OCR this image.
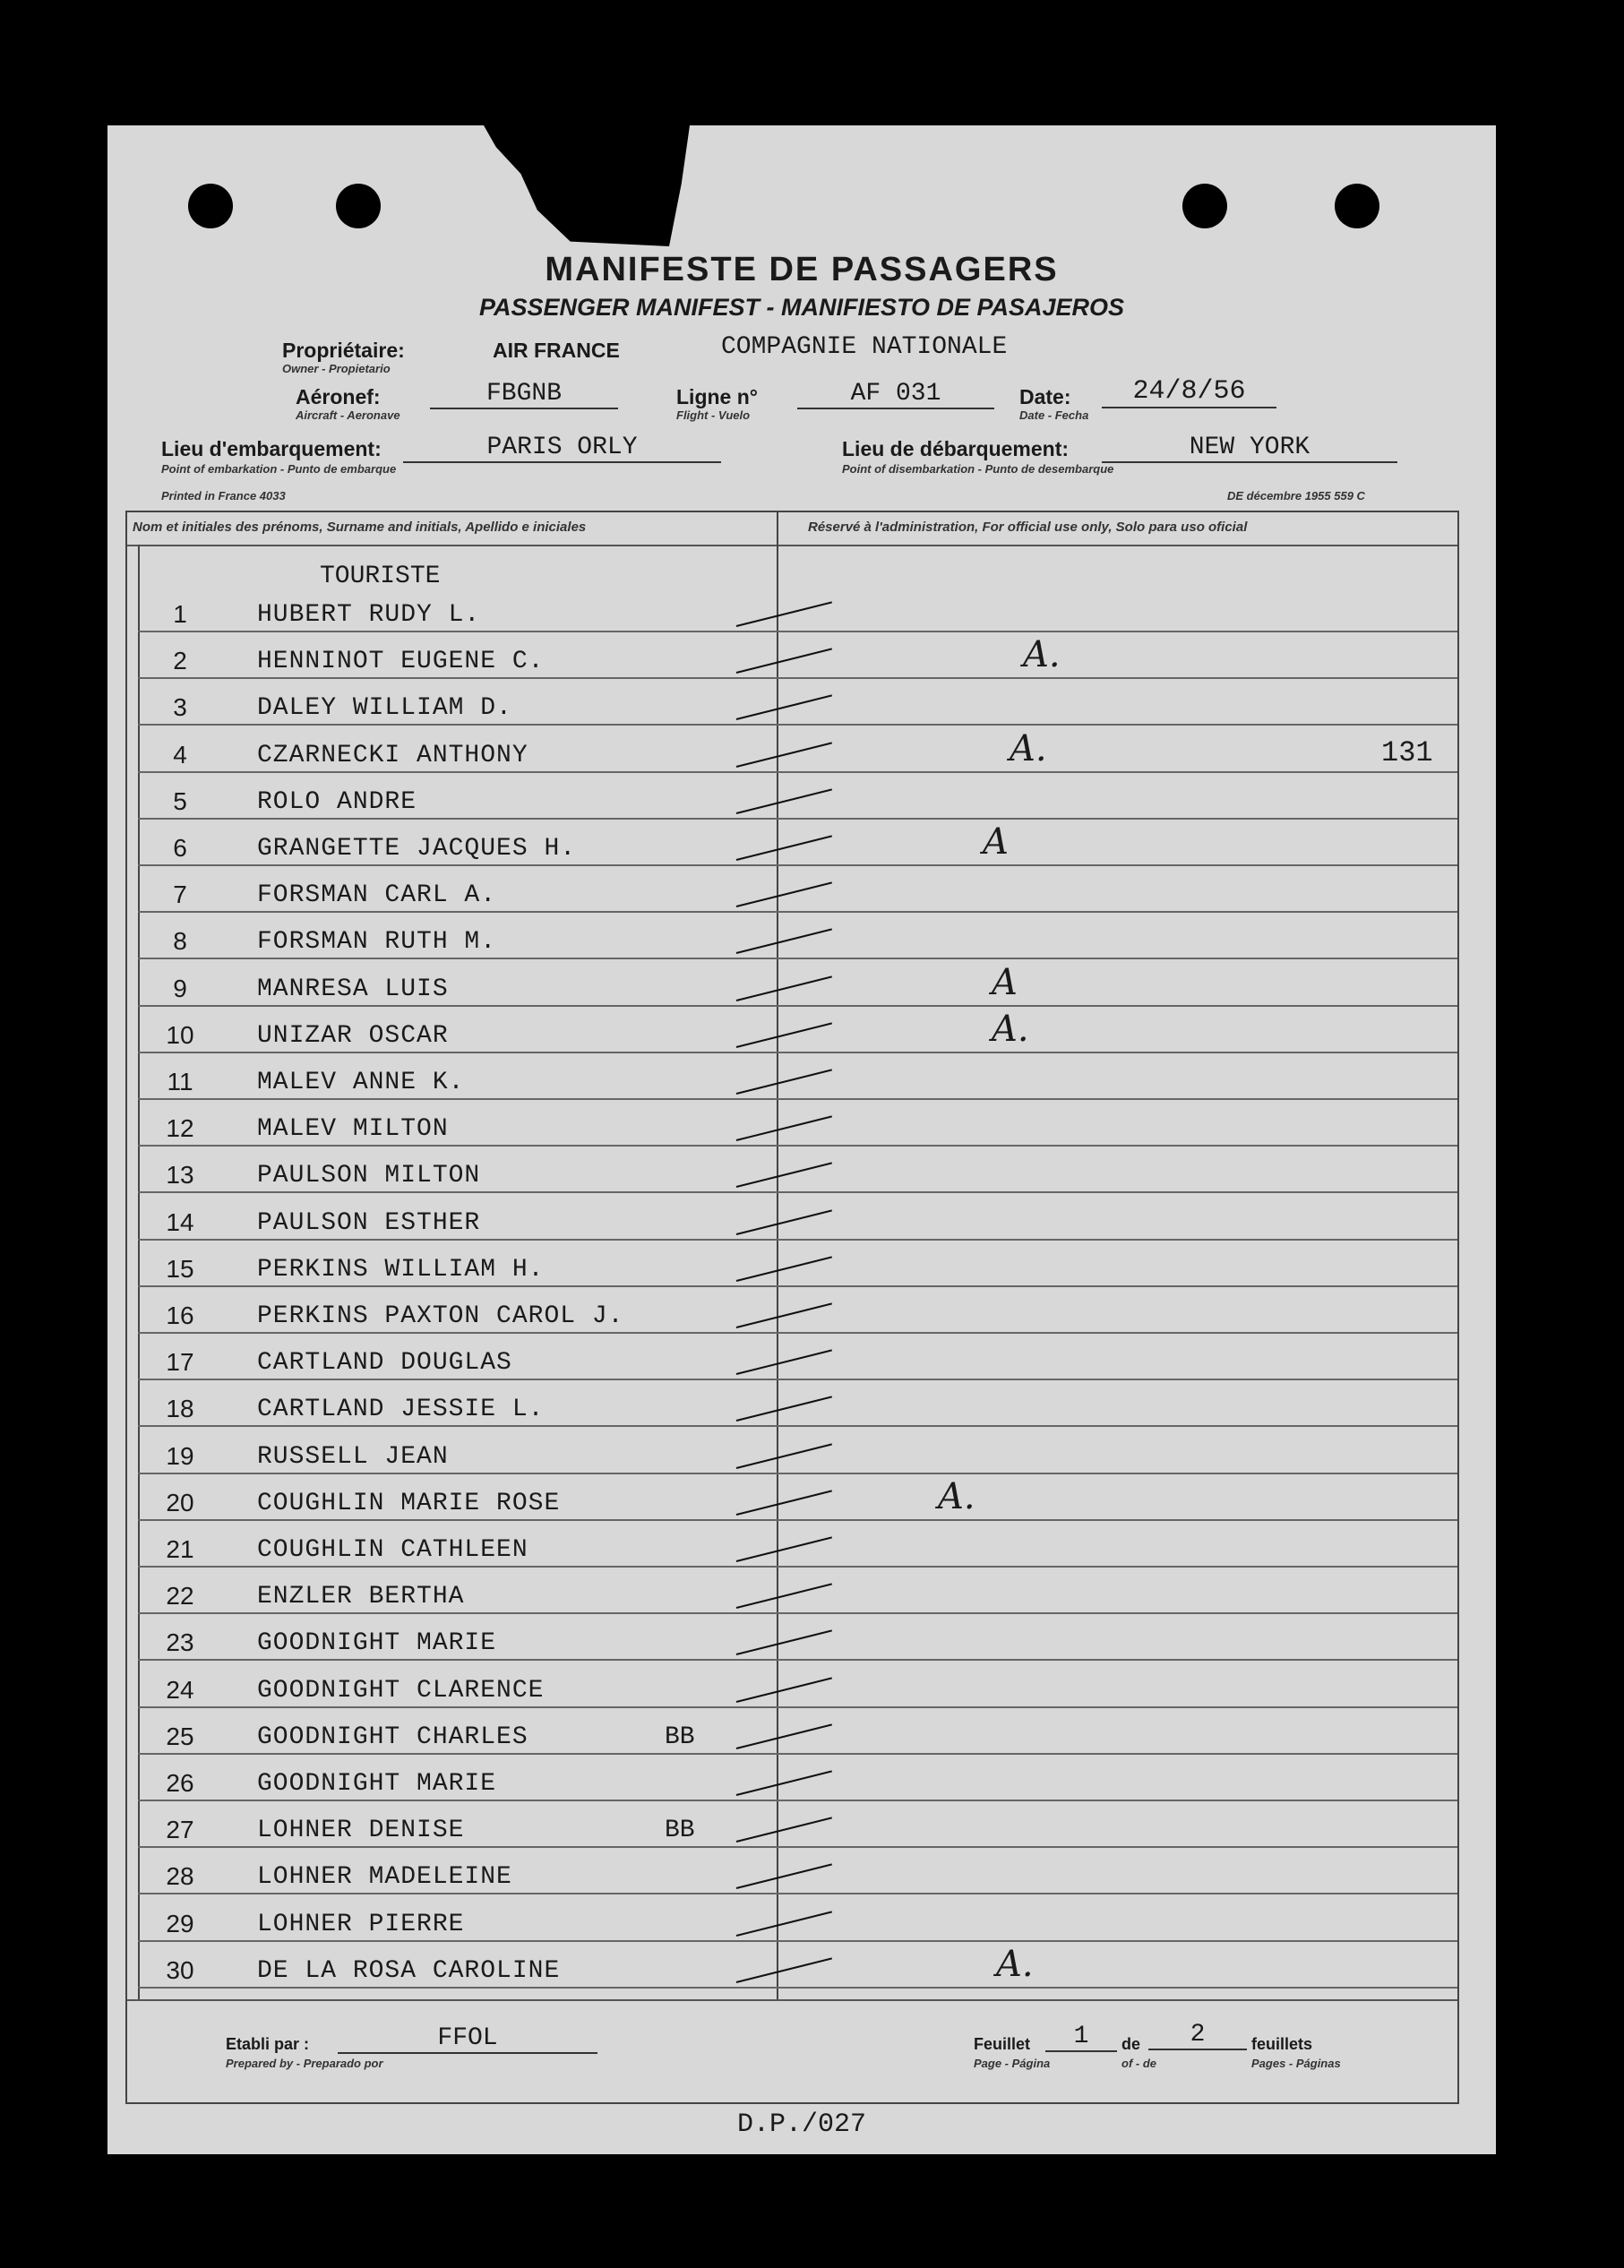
MANIFESTE DE PASSAGERS
PASSENGER MANIFEST - MANIFIESTO DE PASAJEROS
Propriétaire:
Owner - Propietario
AIR FRANCE	COMPAGNIE NATIONALE
Aéronef:
Aircraft - Aeronave
FBGNB	Ligne n°
Flight - Vuelo
AF 031	Date:
Date - Fecha
24/8/56
Lieu d'embarquement:
Point of embarkation - Punto de embarque
PARIS ORLY	Lieu de débarquement:
Point of disembarkation - Punto de desembarque
NEW YORK
Printed in France 4033	DE décembre 1955 559 C
Nom et initiales des prénoms, Surname and initials, Apellido e iniciales	Réservé à l'administration, For official use only, Solo para uso oficial
TOURISTE
1	HUBERT RUDY L.
2	HENNINOT EUGENE C.	A.
3	DALEY WILLIAM D.
4	CZARNECKI ANTHONY	A.	131
5	ROLO ANDRE
6	GRANGETTE JACQUES H.	A
7	FORSMAN CARL A.
8	FORSMAN RUTH M.
9	MANRESA LUIS	A
10	UNIZAR OSCAR	A.
11	MALEV ANNE K.
12	MALEV MILTON
13	PAULSON MILTON
14	PAULSON ESTHER
15	PERKINS WILLIAM H.
16	PERKINS PAXTON CAROL J.
17	CARTLAND DOUGLAS
18	CARTLAND JESSIE L.
19	RUSSELL JEAN
20	COUGHLIN MARIE ROSE	A.
21	COUGHLIN CATHLEEN
22	ENZLER BERTHA
23	GOODNIGHT MARIE
24	GOODNIGHT CLARENCE
25	GOODNIGHT CHARLES	BB
26	GOODNIGHT MARIE
27	LOHNER DENISE	BB
28	LOHNER MADELEINE
29	LOHNER PIERRE
30	DE LA ROSA CAROLINE	A.
Etabli par :
Prepared by - Preparado por
FFOL	Feuillet
Page - Página
1	de
of - de
2	feuillets
Pages - Páginas
D.P./027
